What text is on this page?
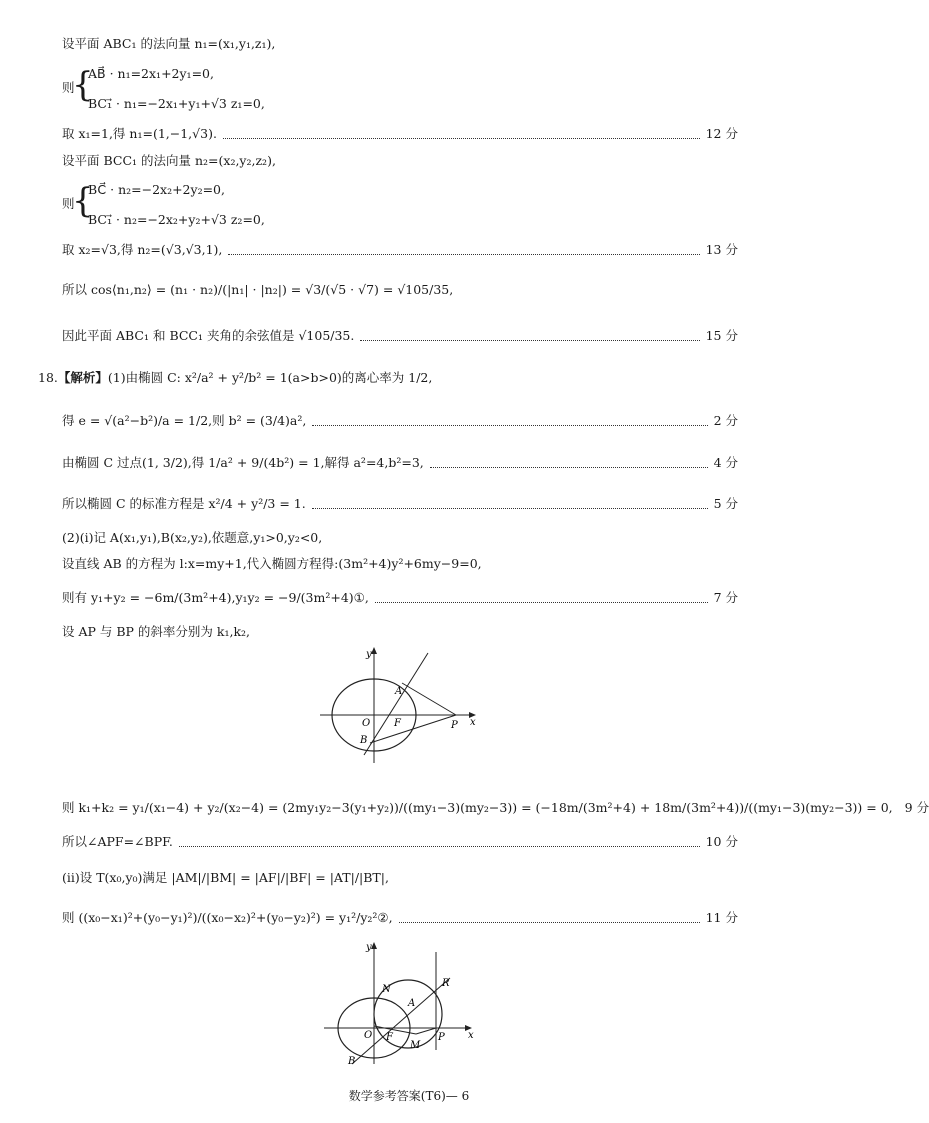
设平面 ABC₁ 的法向量 n₁=(x₁,y₁,z₁),
则
{
AB⃗ · n₁=2x₁+2y₁=0,
BC₁⃗ · n₁=−2x₁+y₁+√3 z₁=0,
取 x₁=1,得 n₁=(1,−1,√3).	12 分
设平面 BCC₁ 的法向量 n₂=(x₂,y₂,z₂),
则
{
BC⃗ · n₂=−2x₂+2y₂=0,
BC₁⃗ · n₂=−2x₂+y₂+√3 z₂=0,
取 x₂=√3,得 n₂=(√3,√3,1),	13 分
所以 cos⟨n₁,n₂⟩ = (n₁ · n₂)/(|n₁| · |n₂|) = √3/(√5 · √7) = √105/35,
因此平面 ABC₁ 和 BCC₁ 夹角的余弦值是 √105/35.	15 分
18.【解析】(1)由椭圆 C: x²/a² + y²/b² = 1(a>b>0)的离心率为 1/2,
得 e = √(a²−b²)/a = 1/2,则 b² = (3/4)a²,	2 分
由椭圆 C 过点(1, 3/2),得 1/a² + 9/(4b²) = 1,解得 a²=4,b²=3,	4 分
所以椭圆 C 的标准方程是 x²/4 + y²/3 = 1.	5 分
(2)(ⅰ)记 A(x₁,y₁),B(x₂,y₂),依题意,y₁>0,y₂<0,
设直线 AB 的方程为 l:x=my+1,代入椭圆方程得:(3m²+4)y²+6my−9=0,
则有 y₁+y₂ = −6m/(3m²+4),y₁y₂ = −9/(3m²+4)①,	7 分
设 AP 与 BP 的斜率分别为 k₁,k₂,
y
x
O F	P
A
B
则 k₁+k₂ = y₁/(x₁−4) + y₂/(x₂−4) = (2my₁y₂−3(y₁+y₂))/((my₁−3)(my₂−3)) = (−18m/(3m²+4) + 18m/(3m²+4))/((my₁−3)(my₂−3)) = 0, 9 分
所以∠APF=∠BPF.	10 分
(ⅱ)设 T(x₀,y₀)满足 |AM|/|BM| = |AF|/|BF| = |AT|/|BT|,
则 ((x₀−x₁)²+(y₀−y₁)²)/((x₀−x₂)²+(y₀−y₂)²) = y₁²/y₂²②,	11 分
y
x
O F	P
A
B
N
M
R
数学参考答案(T6)— 6
